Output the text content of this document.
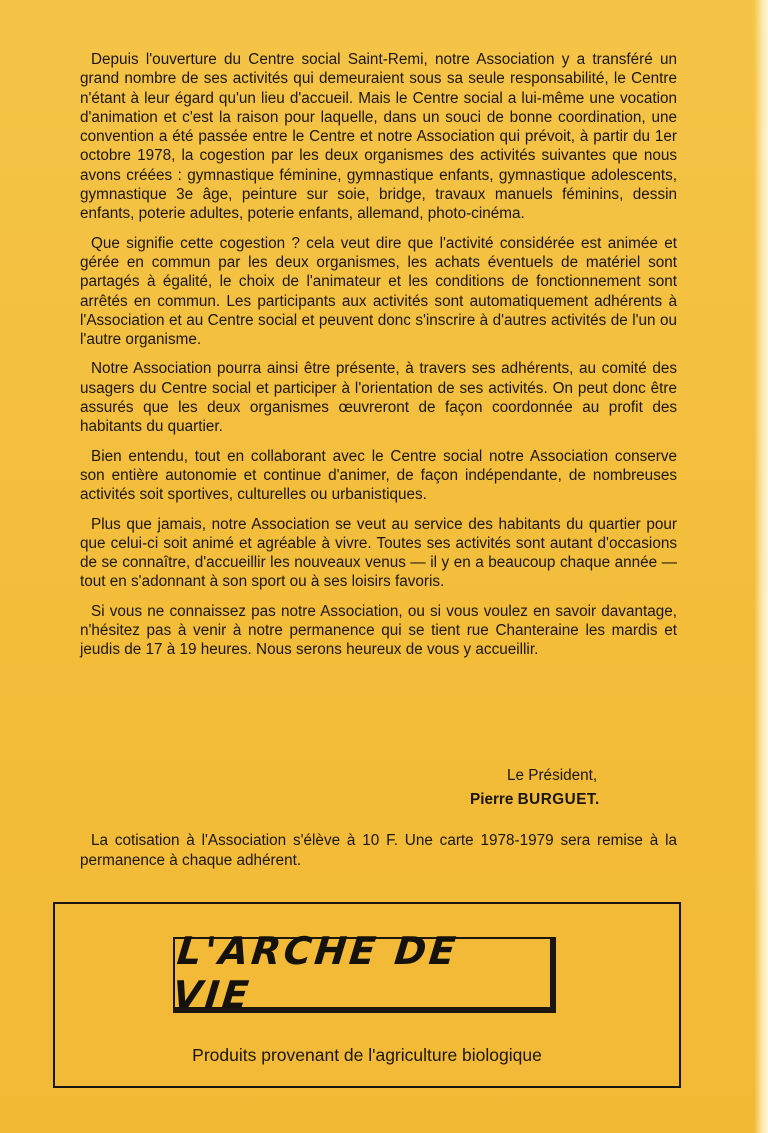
Depuis l'ouverture du Centre social Saint-Remi, notre Association y a transféré un grand nombre de ses activités qui demeuraient sous sa seule responsabilité, le Centre n'étant à leur égard qu'un lieu d'accueil. Mais le Centre social a lui-même une vocation d'animation et c'est la raison pour laquelle, dans un souci de bonne coordination, une convention a été passée entre le Centre et notre Association qui prévoit, à partir du 1er octobre 1978, la cogestion par les deux organismes des activités suivantes que nous avons créées : gymnastique féminine, gymnastique enfants, gymnastique adolescents, gymnastique 3e âge, peinture sur soie, bridge, travaux manuels féminins, dessin enfants, poterie adultes, poterie enfants, allemand, photo-cinéma.

Que signifie cette cogestion ? cela veut dire que l'activité considérée est animée et gérée en commun par les deux organismes, les achats éventuels de matériel sont partagés à égalité, le choix de l'animateur et les conditions de fonctionnement sont arrêtés en commun. Les participants aux activités sont automatiquement adhérents à l'Association et au Centre social et peuvent donc s'inscrire à d'autres activités de l'un ou l'autre organisme.

Notre Association pourra ainsi être présente, à travers ses adhérents, au comité des usagers du Centre social et participer à l'orientation de ses activités. On peut donc être assurés que les deux organismes œuvreront de façon coordonnée au profit des habitants du quartier.

Bien entendu, tout en collaborant avec le Centre social notre Association conserve son entière autonomie et continue d'animer, de façon indépendante, de nombreuses activités soit sportives, culturelles ou urbanistiques.

Plus que jamais, notre Association se veut au service des habitants du quartier pour que celui-ci soit animé et agréable à vivre. Toutes ses activités sont autant d'occasions de se connaître, d'accueillir les nouveaux venus — il y en a beaucoup chaque année — tout en s'adonnant à son sport ou à ses loisirs favoris.

Si vous ne connaissez pas notre Association, ou si vous voulez en savoir davantage, n'hésitez pas à venir à notre permanence qui se tient rue Chanteraine les mardis et jeudis de 17 à 19 heures. Nous serons heureux de vous y accueillir.

Le Président,
Pierre BURGUET.
La cotisation à l'Association s'élève à 10 F. Une carte 1978-1979 sera remise à la permanence à chaque adhérent.
L'ARCHE DE VIE
Produits provenant de l'agriculture biologique
